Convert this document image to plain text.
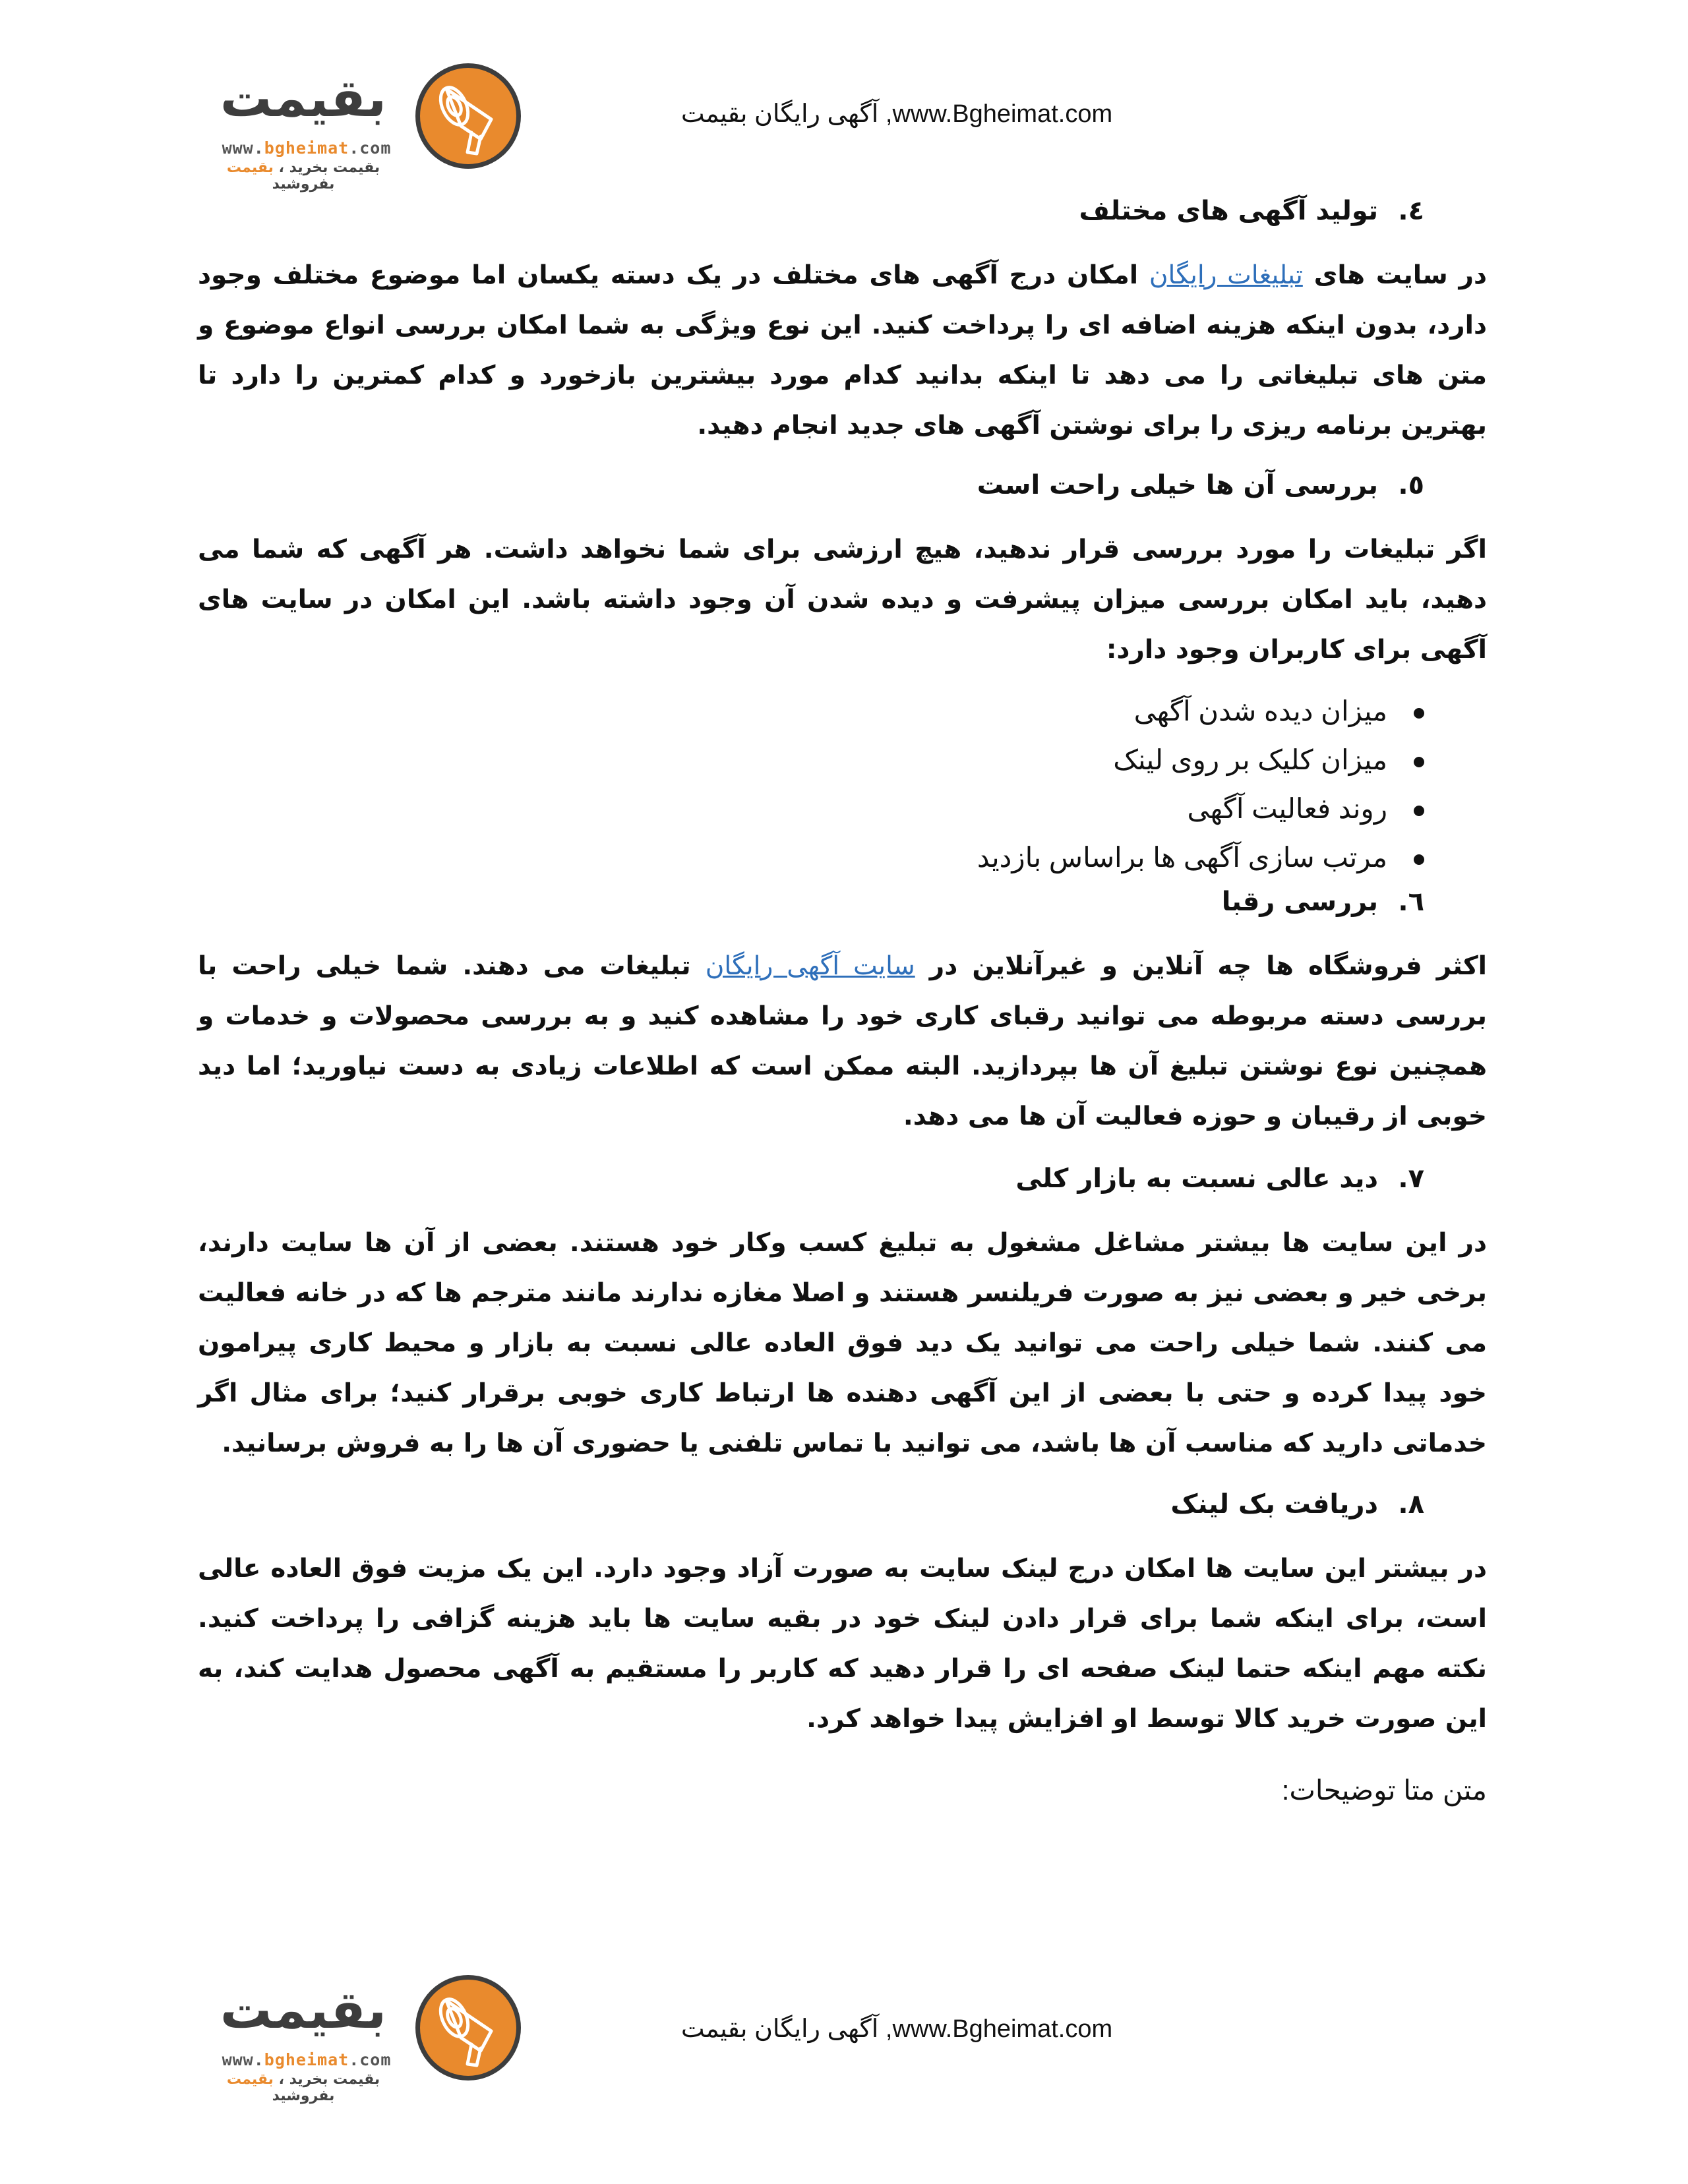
بقیمت
www.bgheimat.com
بقیمت بخرید ، بقیمت بفروشید
www.Bgheimat.com, آگهی رایگان بقیمت
٤.
تولید آگهی های مختلف

در سایت های تبلیغات رایگان امکان درج آگهی های مختلف در یک دسته یکسان اما موضوع مختلف وجود دارد، بدون اینکه هزینه اضافه ای را پرداخت کنید. این نوع ویژگی به شما امکان بررسی انواع موضوع و متن های تبلیغاتی را می دهد تا اینکه بدانید کدام مورد بیشترین بازخورد و کدام کمترین را دارد تا بهترین برنامه ریزی را برای نوشتن آگهی های جدید انجام دهید.

٥.
بررسی آن ها خیلی راحت است

اگر تبلیغات را مورد بررسی قرار ندهید، هیچ ارزشی برای شما نخواهد داشت. هر آگهی که شما می دهید، باید امکان بررسی میزان پیشرفت و دیده شدن آن وجود داشته باشد. این امکان در سایت های آگهی برای کاربران وجود دارد:

میزان دیده شدن آگهی
میزان کلیک بر روی لینک
روند فعالیت آگهی
مرتب سازی آگهی ها براساس بازدید
٦.
بررسی رقبا

اکثر فروشگاه ها چه آنلاین و غیرآنلاین در سایت آگهی رایگان تبلیغات می دهند. شما خیلی راحت با بررسی دسته مربوطه می توانید رقبای کاری خود را مشاهده کنید و به بررسی محصولات و خدمات و همچنین نوع نوشتن تبلیغ آن ها بپردازید. البته ممکن است که اطلاعات زیادی به دست نیاورید؛ اما دید خوبی از رقیبان و حوزه فعالیت آن ها می دهد.

٧.
دید عالی نسبت به بازار کلی

در این سایت ها بیشتر مشاغل مشغول به تبلیغ کسب وکار خود هستند. بعضی از آن ها سایت دارند، برخی خیر و بعضی نیز به صورت فریلنسر هستند و اصلا مغازه ندارند مانند مترجم ها که در خانه فعالیت می کنند. شما خیلی راحت می توانید یک دید فوق العاده عالی نسبت به بازار و محیط کاری پیرامون خود پیدا کرده و حتی با بعضی از این آگهی دهنده ها ارتباط کاری خوبی برقرار کنید؛ برای مثال اگر خدماتی دارید که مناسب آن ها باشد، می توانید با تماس تلفنی یا حضوری آن ها را به فروش برسانید.

٨.
دریافت بک لینک

در بیشتر این سایت ها امکان درج لینک سایت به صورت آزاد وجود دارد. این یک مزیت فوق العاده عالی است، برای اینکه شما برای قرار دادن لینک خود در بقیه سایت ها باید هزینه گزافی را پرداخت کنید. نکته مهم اینکه حتما لینک صفحه ای را قرار دهید که کاربر را مستقیم به آگهی محصول هدایت کند، به این صورت خرید کالا توسط او افزایش پیدا خواهد کرد.

متن متا توضیحات:
بقیمت
www.bgheimat.com
بقیمت بخرید ، بقیمت بفروشید
www.Bgheimat.com, آگهی رایگان بقیمت
